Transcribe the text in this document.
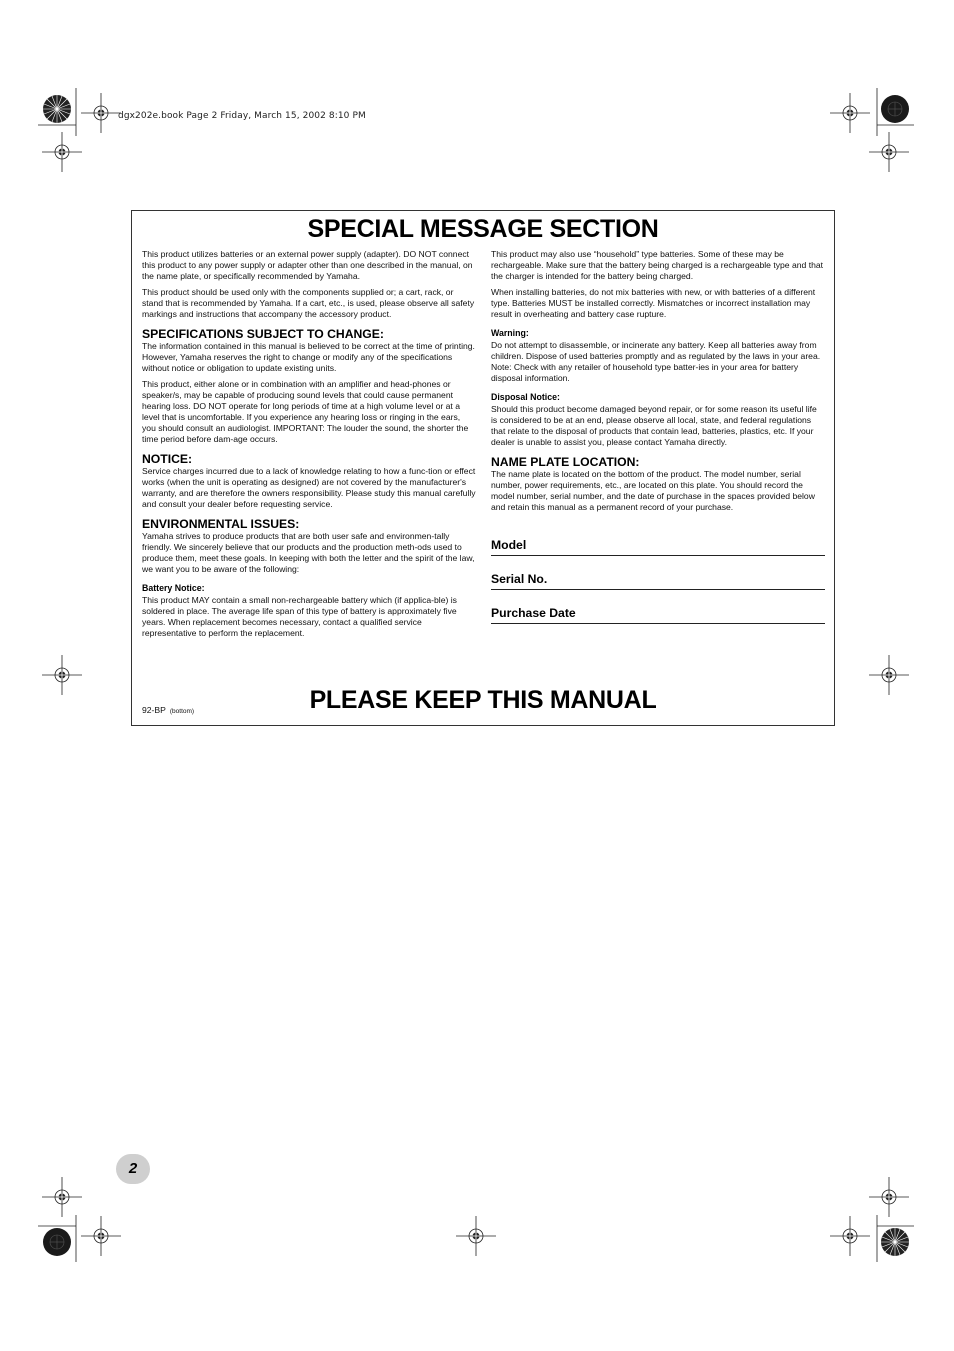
dgx202e.book Page 2 Friday, March 15, 2002 8:10 PM
SPECIAL MESSAGE SECTION

This product utilizes batteries or an external power supply (adapter). DO NOT connect this product to any power supply or adapter other than one described in the manual, on the name plate, or specifically recommended by Yamaha.

This product should be used only with the components supplied or; a cart, rack, or stand that is recommended by Yamaha. If a cart, etc., is used, please observe all safety markings and instructions that accompany the accessory product.

SPECIFICATIONS SUBJECT TO CHANGE:

The information contained in this manual is believed to be correct at the time of printing. However, Yamaha reserves the right to change or modify any of the specifications without notice or obligation to update existing units.

This product, either alone or in combination with an amplifier and head-phones or speaker/s, may be capable of producing sound levels that could cause permanent hearing loss. DO NOT operate for long periods of time at a high volume level or at a level that is uncomfortable. If you experience any hearing loss or ringing in the ears, you should consult an audiologist. IMPORTANT: The louder the sound, the shorter the time period before dam-age occurs.

NOTICE:

Service charges incurred due to a lack of knowledge relating to how a func-tion or effect works (when the unit is operating as designed) are not covered by the manufacturer's warranty, and are therefore the owners responsibility. Please study this manual carefully and consult your dealer before requesting service.

ENVIRONMENTAL ISSUES:

Yamaha strives to produce products that are both user safe and environmen-tally friendly. We sincerely believe that our products and the production meth-ods used to produce them, meet these goals. In keeping with both the letter and the spirit of the law, we want you to be aware of the following:

Battery Notice:

This product MAY contain a small non-rechargeable battery which (if applica-ble) is soldered in place. The average life span of this type of battery is approximately five years. When replacement becomes necessary, contact a qualified service representative to perform the replacement.

This product may also use “household” type batteries. Some of these may be rechargeable. Make sure that the battery being charged is a rechargeable type and that the charger is intended for the battery being charged.

When installing batteries, do not mix batteries with new, or with batteries of a different type. Batteries MUST be installed correctly. Mismatches or incorrect installation may result in overheating and battery case rupture.

Warning:

Do not attempt to disassemble, or incinerate any battery. Keep all batteries away from children. Dispose of used batteries promptly and as regulated by the laws in your area. Note: Check with any retailer of household type batter-ies in your area for battery disposal information.

Disposal Notice:

Should this product become damaged beyond repair, or for some reason its useful life is considered to be at an end, please observe all local, state, and federal regulations that relate to the disposal of products that contain lead, batteries, plastics, etc. If your dealer is unable to assist you, please contact Yamaha directly.

NAME PLATE LOCATION:

The name plate is located on the bottom of the product. The model number, serial number, power requirements, etc., are located on this plate. You should record the model number, serial number, and the date of purchase in the spaces provided below and retain this manual as a permanent record of your purchase.

Model
Serial No.
Purchase Date
PLEASE KEEP THIS MANUAL
92-BP (bottom)
2
